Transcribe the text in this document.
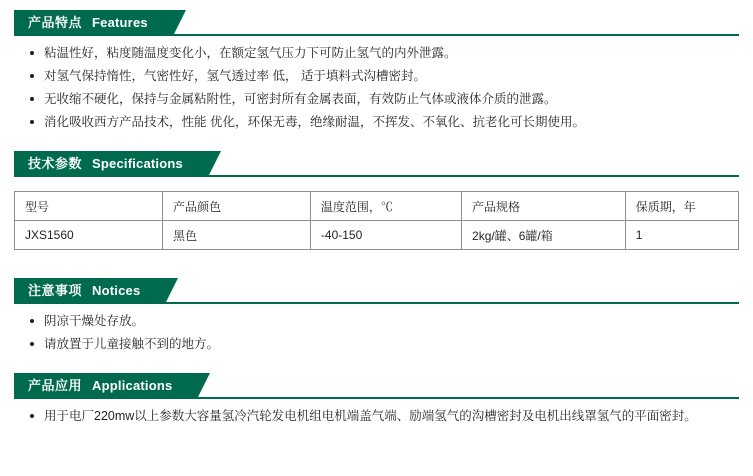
产品特点 Features
粘温性好，粘度随温度变化小，在额定氢气压力下可防止氢气的内外泄露。
对氢气保持惰性，气密性好，氢气透过率 低， 适于填料式沟槽密封。
无收缩不硬化，保持与金属粘附性，可密封所有金属表面，有效防止气体或液体介质的泄露。
消化吸收西方产品技术，性能 优化，环保无毒，绝缘耐温，不挥发、不氧化、抗老化可长期使用。
技术参数 Specifications
型号	产品颜色	温度范围，℃	产品规格	保质期，年
JXS1560	黑色	-40-150	2kg/罐、6罐/箱	1
注意事项 Notices
阴凉干燥处存放。
请放置于儿童接触不到的地方。
产品应用 Applications
用于电厂220mw以上参数大容量氢冷汽轮发电机组电机端盖气端、励端氢气的沟槽密封及电机出线罩氢气的平面密封。
